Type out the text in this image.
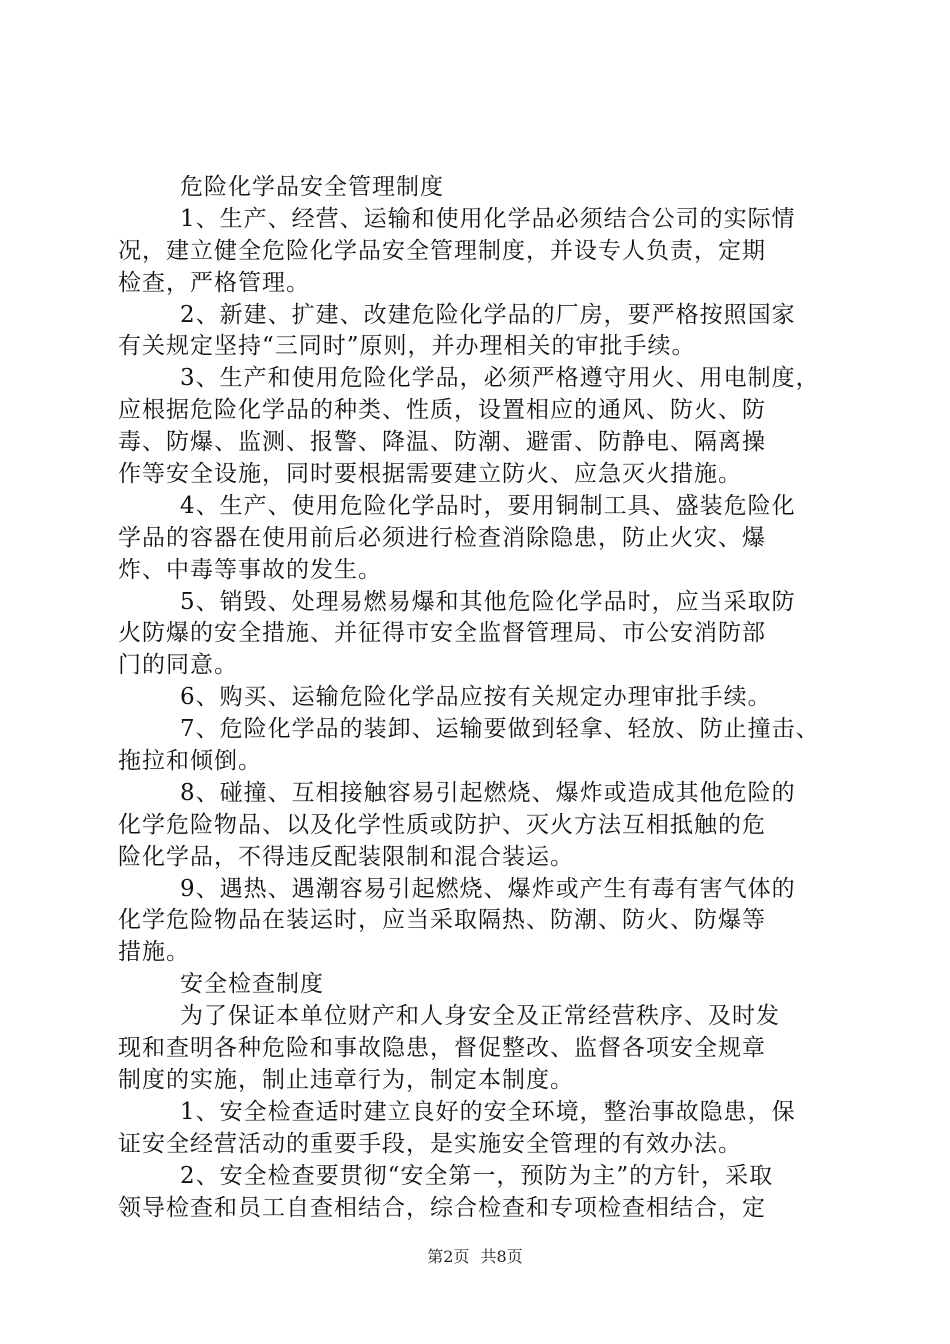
危险化学品安全管理制度
1、生产、经营、运输和使用化学品必须结合公司的实际情
况，建立健全危险化学品安全管理制度，并设专人负责，定期
检查，严格管理。
2、新建、扩建、改建危险化学品的厂房，要严格按照国家
有关规定坚持“三同时”原则，并办理相关的审批手续。
3、生产和使用危险化学品，必须严格遵守用火、用电制度，
应根据危险化学品的种类、性质，设置相应的通风、防火、防
毒、防爆、监测、报警、降温、防潮、避雷、防静电、隔离操
作等安全设施，同时要根据需要建立防火、应急灭火措施。
4、生产、使用危险化学品时，要用铜制工具、盛装危险化
学品的容器在使用前后必须进行检查消除隐患，防止火灾、爆
炸、中毒等事故的发生。
5、销毁、处理易燃易爆和其他危险化学品时，应当采取防
火防爆的安全措施、并征得市安全监督管理局、市公安消防部
门的同意。
6、购买、运输危险化学品应按有关规定办理审批手续。
7、危险化学品的装卸、运输要做到轻拿、轻放、防止撞击、
拖拉和倾倒。
8、碰撞、互相接触容易引起燃烧、爆炸或造成其他危险的
化学危险物品、以及化学性质或防护、灭火方法互相抵触的危
险化学品，不得违反配装限制和混合装运。
9、遇热、遇潮容易引起燃烧、爆炸或产生有毒有害气体的
化学危险物品在装运时，应当采取隔热、防潮、防火、防爆等
措施。
安全检查制度
为了保证本单位财产和人身安全及正常经营秩序、及时发
现和查明各种危险和事故隐患，督促整改、监督各项安全规章
制度的实施，制止违章行为，制定本制度。
1、安全检查适时建立良好的安全环境，整治事故隐患，保
证安全经营活动的重要手段，是实施安全管理的有效办法。
2、安全检查要贯彻“安全第一，预防为主”的方针，采取
领导检查和员工自查相结合，综合检查和专项检查相结合，定
第2页 共8页
